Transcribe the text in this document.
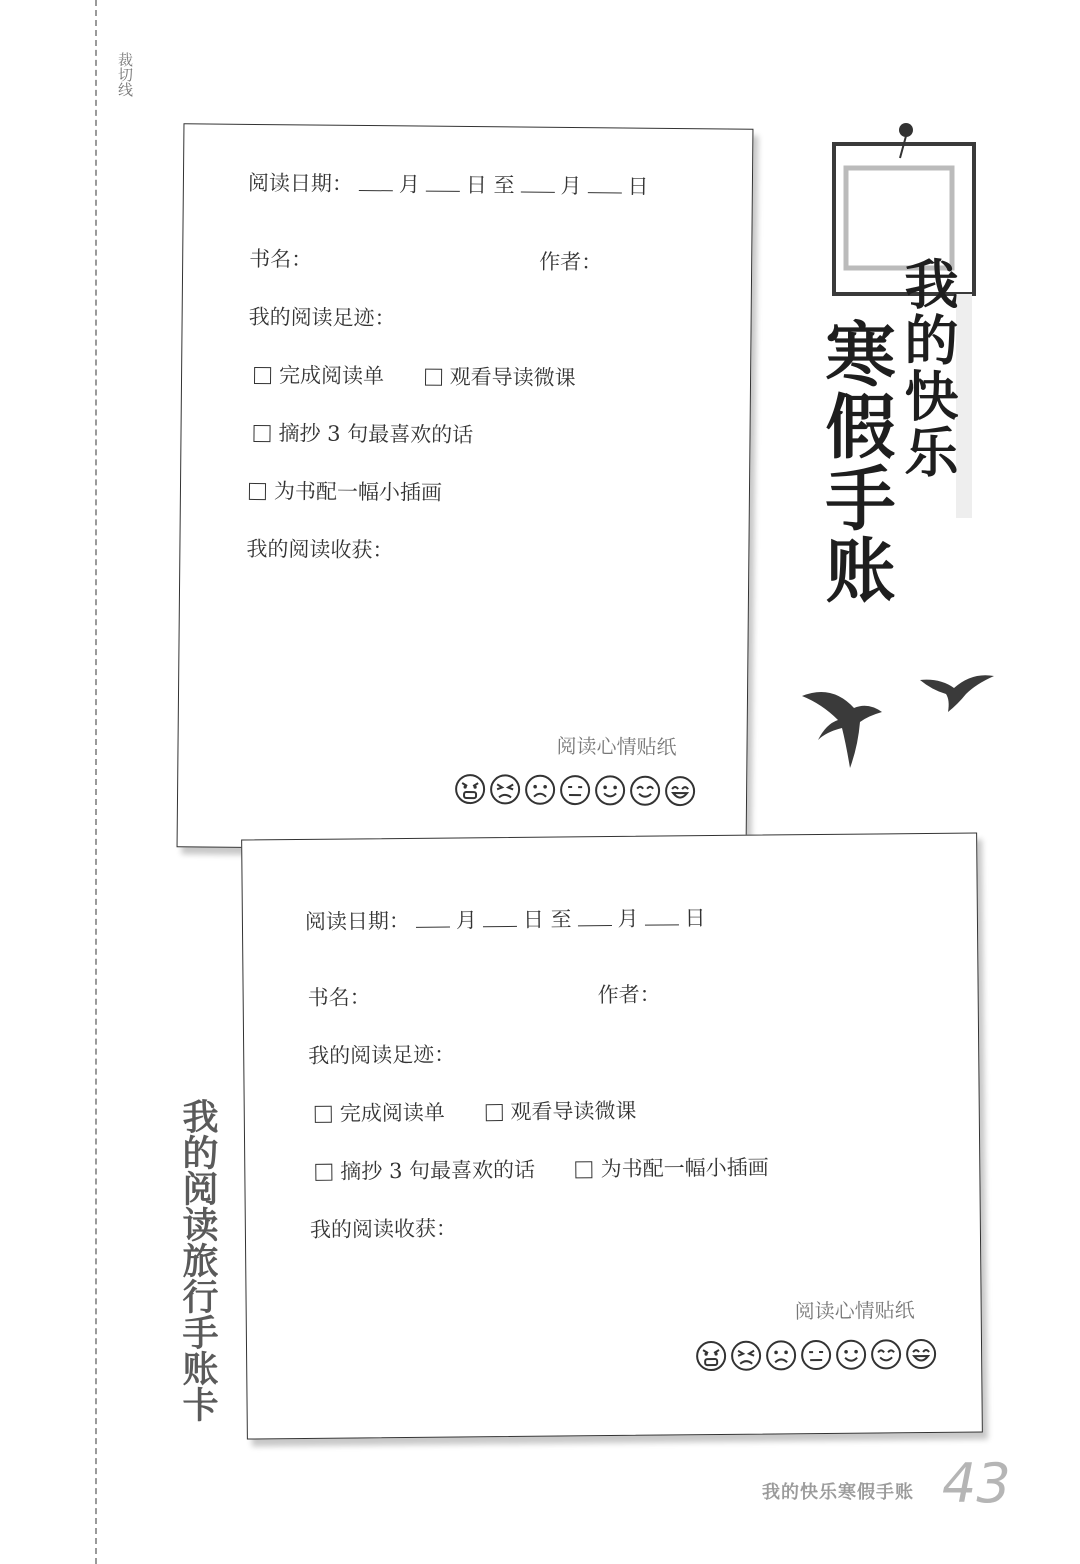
裁切线
阅读日期： 月 日 至 月 日
书名：	作者：
我的阅读足迹：
完成阅读单	观看导读微课
摘抄 3 句最喜欢的话
为书配一幅小插画
我的阅读收获：
阅读心情贴纸
阅读日期： 月 日 至 月 日
书名：	作者：
我的阅读足迹：
完成阅读单	观看导读微课
摘抄 3 句最喜欢的话	为书配一幅小插画
我的阅读收获：
阅读心情贴纸
我的快乐
寒假手账
我的阅读旅行手账卡
我的快乐寒假手账 43
